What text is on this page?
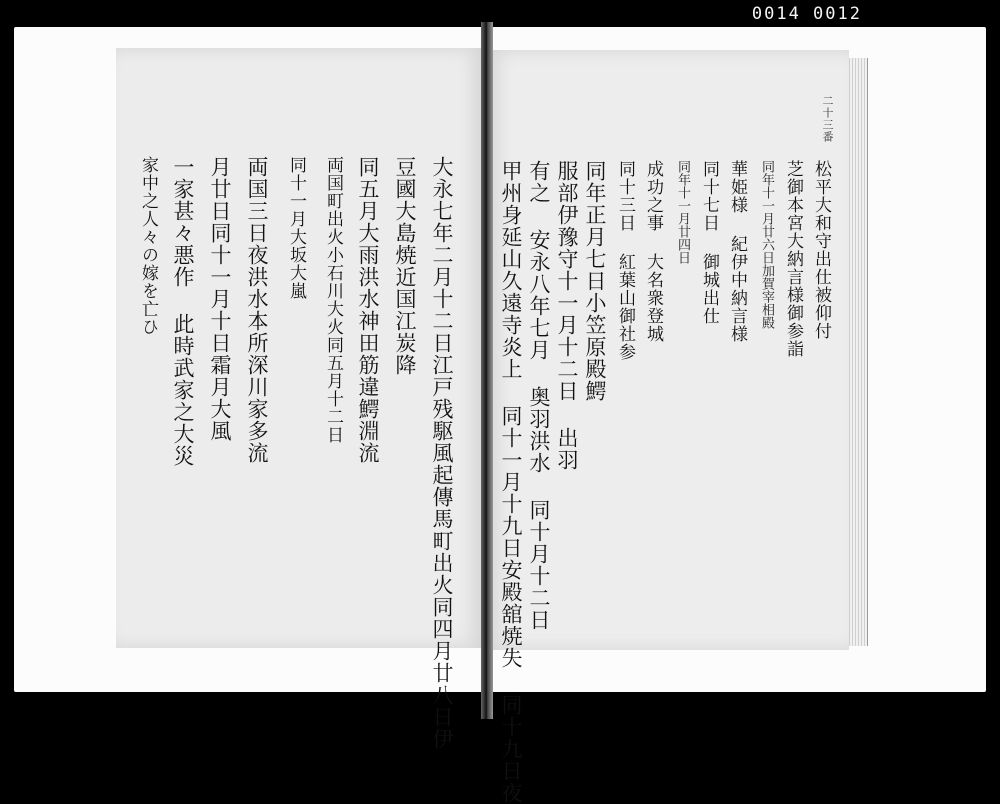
0014 0012
大永七年二月十二日江戸残駆風起傳馬町出火同四月廿八日伊
豆國大島焼近国江炭降
同五月大雨洪水神田筋違鰐淵流
両国町出火小石川大火同五月十二日
同十一月大坂大嵐
両国三日夜洪水本所深川家多流
月廿日同十一月十日霜月大風
一家甚々悪作 此時武家之大災
家中之人々の嫁を亡ひ	松平大和守出仕被仰付
芝御本宮大納言様御参詣
同年十一月廿六日加賀宰相殿
華姫様 紀伊中納言様
同十七日 御城出仕
同年十一月廿四日
成功之事 大名衆登城
同十三日 紅葉山御社参
同年正月七日小笠原殿鰐
服部伊豫守十一月十二日 出羽
有之 安永八年七月 奥羽洪水 同十月十二日
甲州身延山久遠寺炎上 同十一月十九日安殿舘焼失 同十九日夜
二十三番
